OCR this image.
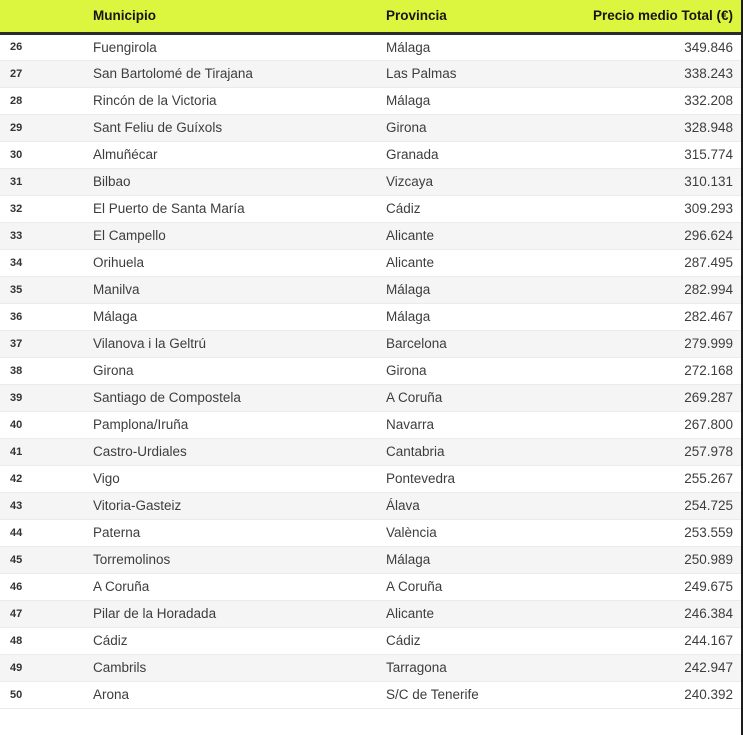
	Municipio	Provincia	Precio medio Total (€)
26	Fuengirola	Málaga	349.846
27	San Bartolomé de Tirajana	Las Palmas	338.243
28	Rincón de la Victoria	Málaga	332.208
29	Sant Feliu de Guíxols	Girona	328.948
30	Almuñécar	Granada	315.774
31	Bilbao	Vizcaya	310.131
32	El Puerto de Santa María	Cádiz	309.293
33	El Campello	Alicante	296.624
34	Orihuela	Alicante	287.495
35	Manilva	Málaga	282.994
36	Málaga	Málaga	282.467
37	Vilanova i la Geltrú	Barcelona	279.999
38	Girona	Girona	272.168
39	Santiago de Compostela	A Coruña	269.287
40	Pamplona/Iruña	Navarra	267.800
41	Castro-Urdiales	Cantabria	257.978
42	Vigo	Pontevedra	255.267
43	Vitoria-Gasteiz	Álava	254.725
44	Paterna	València	253.559
45	Torremolinos	Málaga	250.989
46	A Coruña	A Coruña	249.675
47	Pilar de la Horadada	Alicante	246.384
48	Cádiz	Cádiz	244.167
49	Cambrils	Tarragona	242.947
50	Arona	S/C de Tenerife	240.392
